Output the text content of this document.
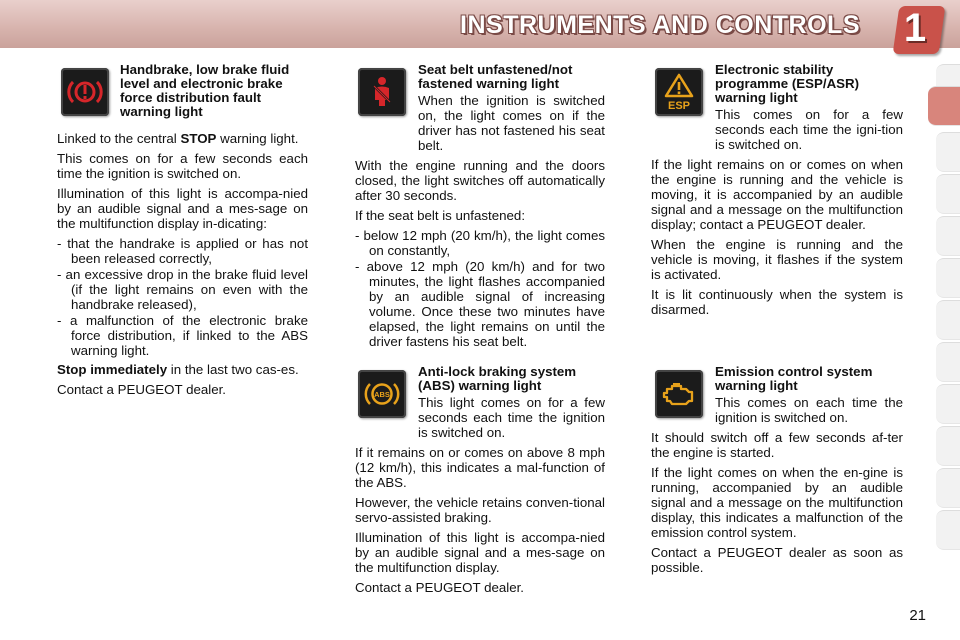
INSTRUMENTS AND CONTROLS 1
Handbrake, low brake fluid level and electronic brake force distribution fault warning light

Linked to the central STOP warning light.

This comes on for a few seconds each time the ignition is switched on.

Illumination of this light is accompa-nied by an audible signal and a mes-sage on the multifunction display in-dicating:

- that the handrake is applied or has not been released correctly,
- an excessive drop in the brake fluid level (if the light remains on even with the handbrake released),
- a malfunction of the electronic brake force distribution, if linked to the ABS warning light.

Stop immediately in the last two cas-es.

Contact a PEUGEOT dealer.

Seat belt unfastened/not fastened warning light

When the ignition is switched on, the light comes on if the driver has not fastened his seat belt.

With the engine running and the doors closed, the light switches off automatically after 30 seconds.

If the seat belt is unfastened:

- below 12 mph (20 km/h), the light comes on constantly,
- above 12 mph (20 km/h) and for two minutes, the light flashes accompanied by an audible signal of increasing volume. Once these two minutes have elapsed, the light remains on until the driver fastens his seat belt.
ESP
Electronic stability programme (ESP/ASR) warning light

This comes on for a few seconds each time the igni-tion is switched on.

If the light remains on or comes on when the engine is running and the vehicle is moving, it is accompanied by an audible signal and a message on the multifunction display; contact a PEUGEOT dealer.

When the engine is running and the vehicle is moving, it flashes if the system is activated.

It is lit continuously when the system is disarmed.

ABS
Anti-lock braking system (ABS) warning light

This light comes on for a few seconds each time the ignition is switched on.

If it remains on or comes on above 8 mph (12 km/h), this indicates a mal-function of the ABS.

However, the vehicle retains conven-tional servo-assisted braking.

Illumination of this light is accompa-nied by an audible signal and a mes-sage on the multifunction display.

Contact a PEUGEOT dealer.

Emission control system warning light

This comes on each time the ignition is switched on.

It should switch off a few seconds af-ter the engine is started.

If the light comes on when the en-gine is running, accompanied by an audible signal and a message on the multifunction display, this indicates a malfunction of the emission control system.

Contact a PEUGEOT dealer as soon as possible.

21
